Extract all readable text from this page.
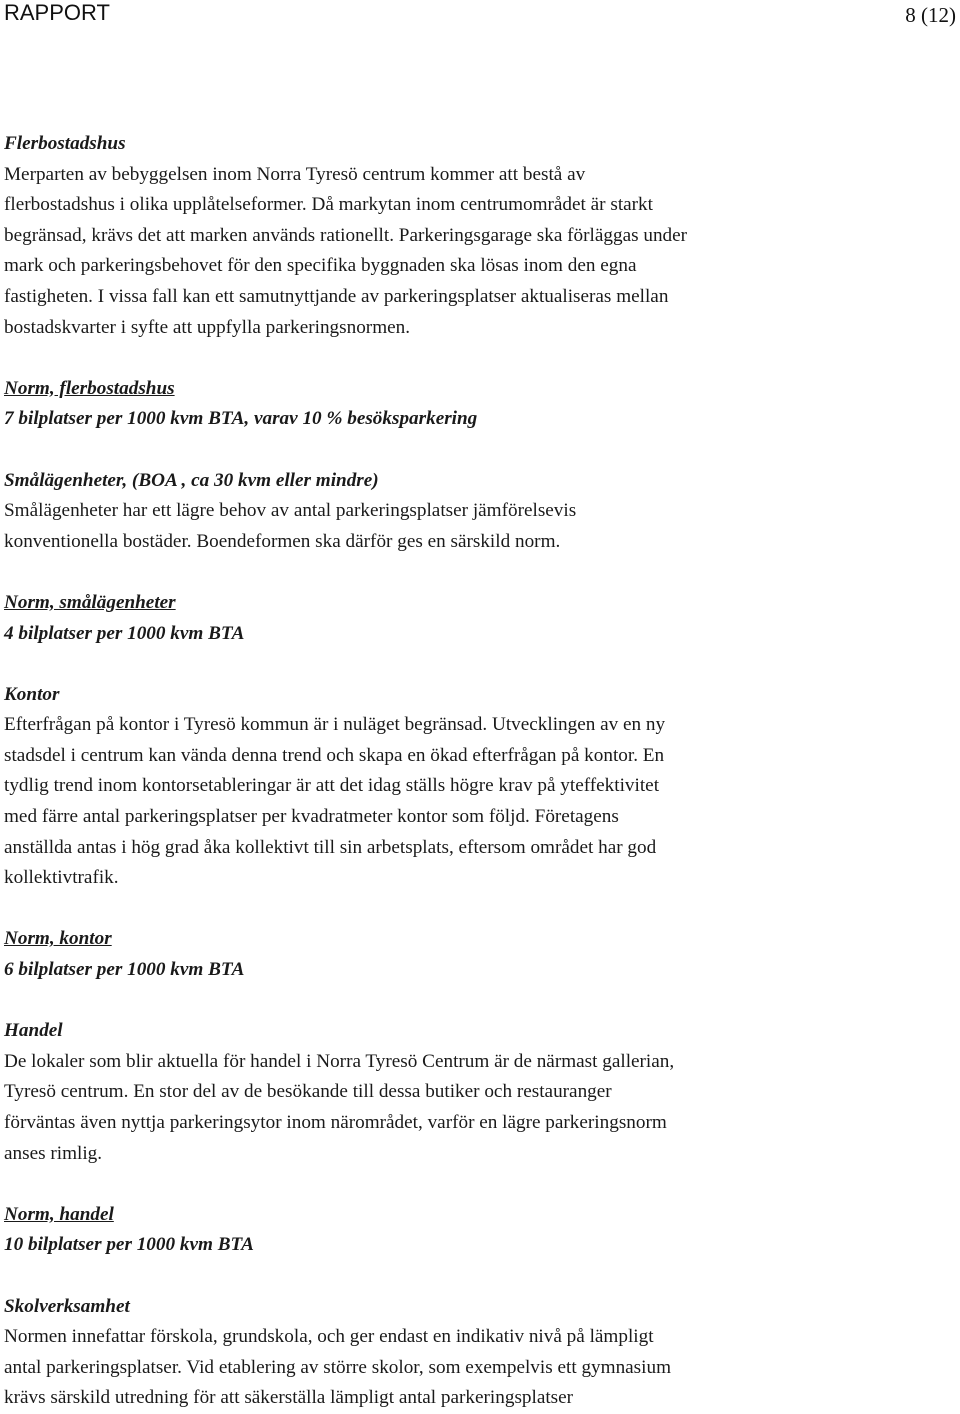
RAPPORT	8 (12)
Flerbostadshus
Merparten av bebyggelsen inom Norra Tyresö centrum kommer att bestå av
flerbostadshus i olika upplåtelseformer. Då markytan inom centrumområdet är starkt
begränsad, krävs det att marken används rationellt. Parkeringsgarage ska förläggas under
mark och parkeringsbehovet för den specifika byggnaden ska lösas inom den egna
fastigheten. I vissa fall kan ett samutnyttjande av parkeringsplatser aktualiseras mellan
bostadskvarter i syfte att uppfylla parkeringsnormen.
Norm, flerbostadshus
7 bilplatser per 1000 kvm BTA, varav 10 % besöksparkering
Smålägenheter, (BOA , ca 30 kvm eller mindre)
Smålägenheter har ett lägre behov av antal parkeringsplatser jämförelsevis
konventionella bostäder. Boendeformen ska därför ges en särskild norm.
Norm, smålägenheter
4 bilplatser per 1000 kvm BTA
Kontor
Efterfrågan på kontor i Tyresö kommun är i nuläget begränsad. Utvecklingen av en ny
stadsdel i centrum kan vända denna trend och skapa en ökad efterfrågan på kontor. En
tydlig trend inom kontorsetableringar är att det idag ställs högre krav på yteffektivitet
med färre antal parkeringsplatser per kvadratmeter kontor som följd. Företagens
anställda antas i hög grad åka kollektivt till sin arbetsplats, eftersom området har god
kollektivtrafik.
Norm, kontor
6 bilplatser per 1000 kvm BTA
Handel
De lokaler som blir aktuella för handel i Norra Tyresö Centrum är de närmast gallerian,
Tyresö centrum. En stor del av de besökande till dessa butiker och restauranger
förväntas även nyttja parkeringsytor inom närområdet, varför en lägre parkeringsnorm
anses rimlig.
Norm, handel
10 bilplatser per 1000 kvm BTA
Skolverksamhet
Normen innefattar förskola, grundskola, och ger endast en indikativ nivå på lämpligt
antal parkeringsplatser. Vid etablering av större skolor, som exempelvis ett gymnasium
krävs särskild utredning för att säkerställa lämpligt antal parkeringsplatser
